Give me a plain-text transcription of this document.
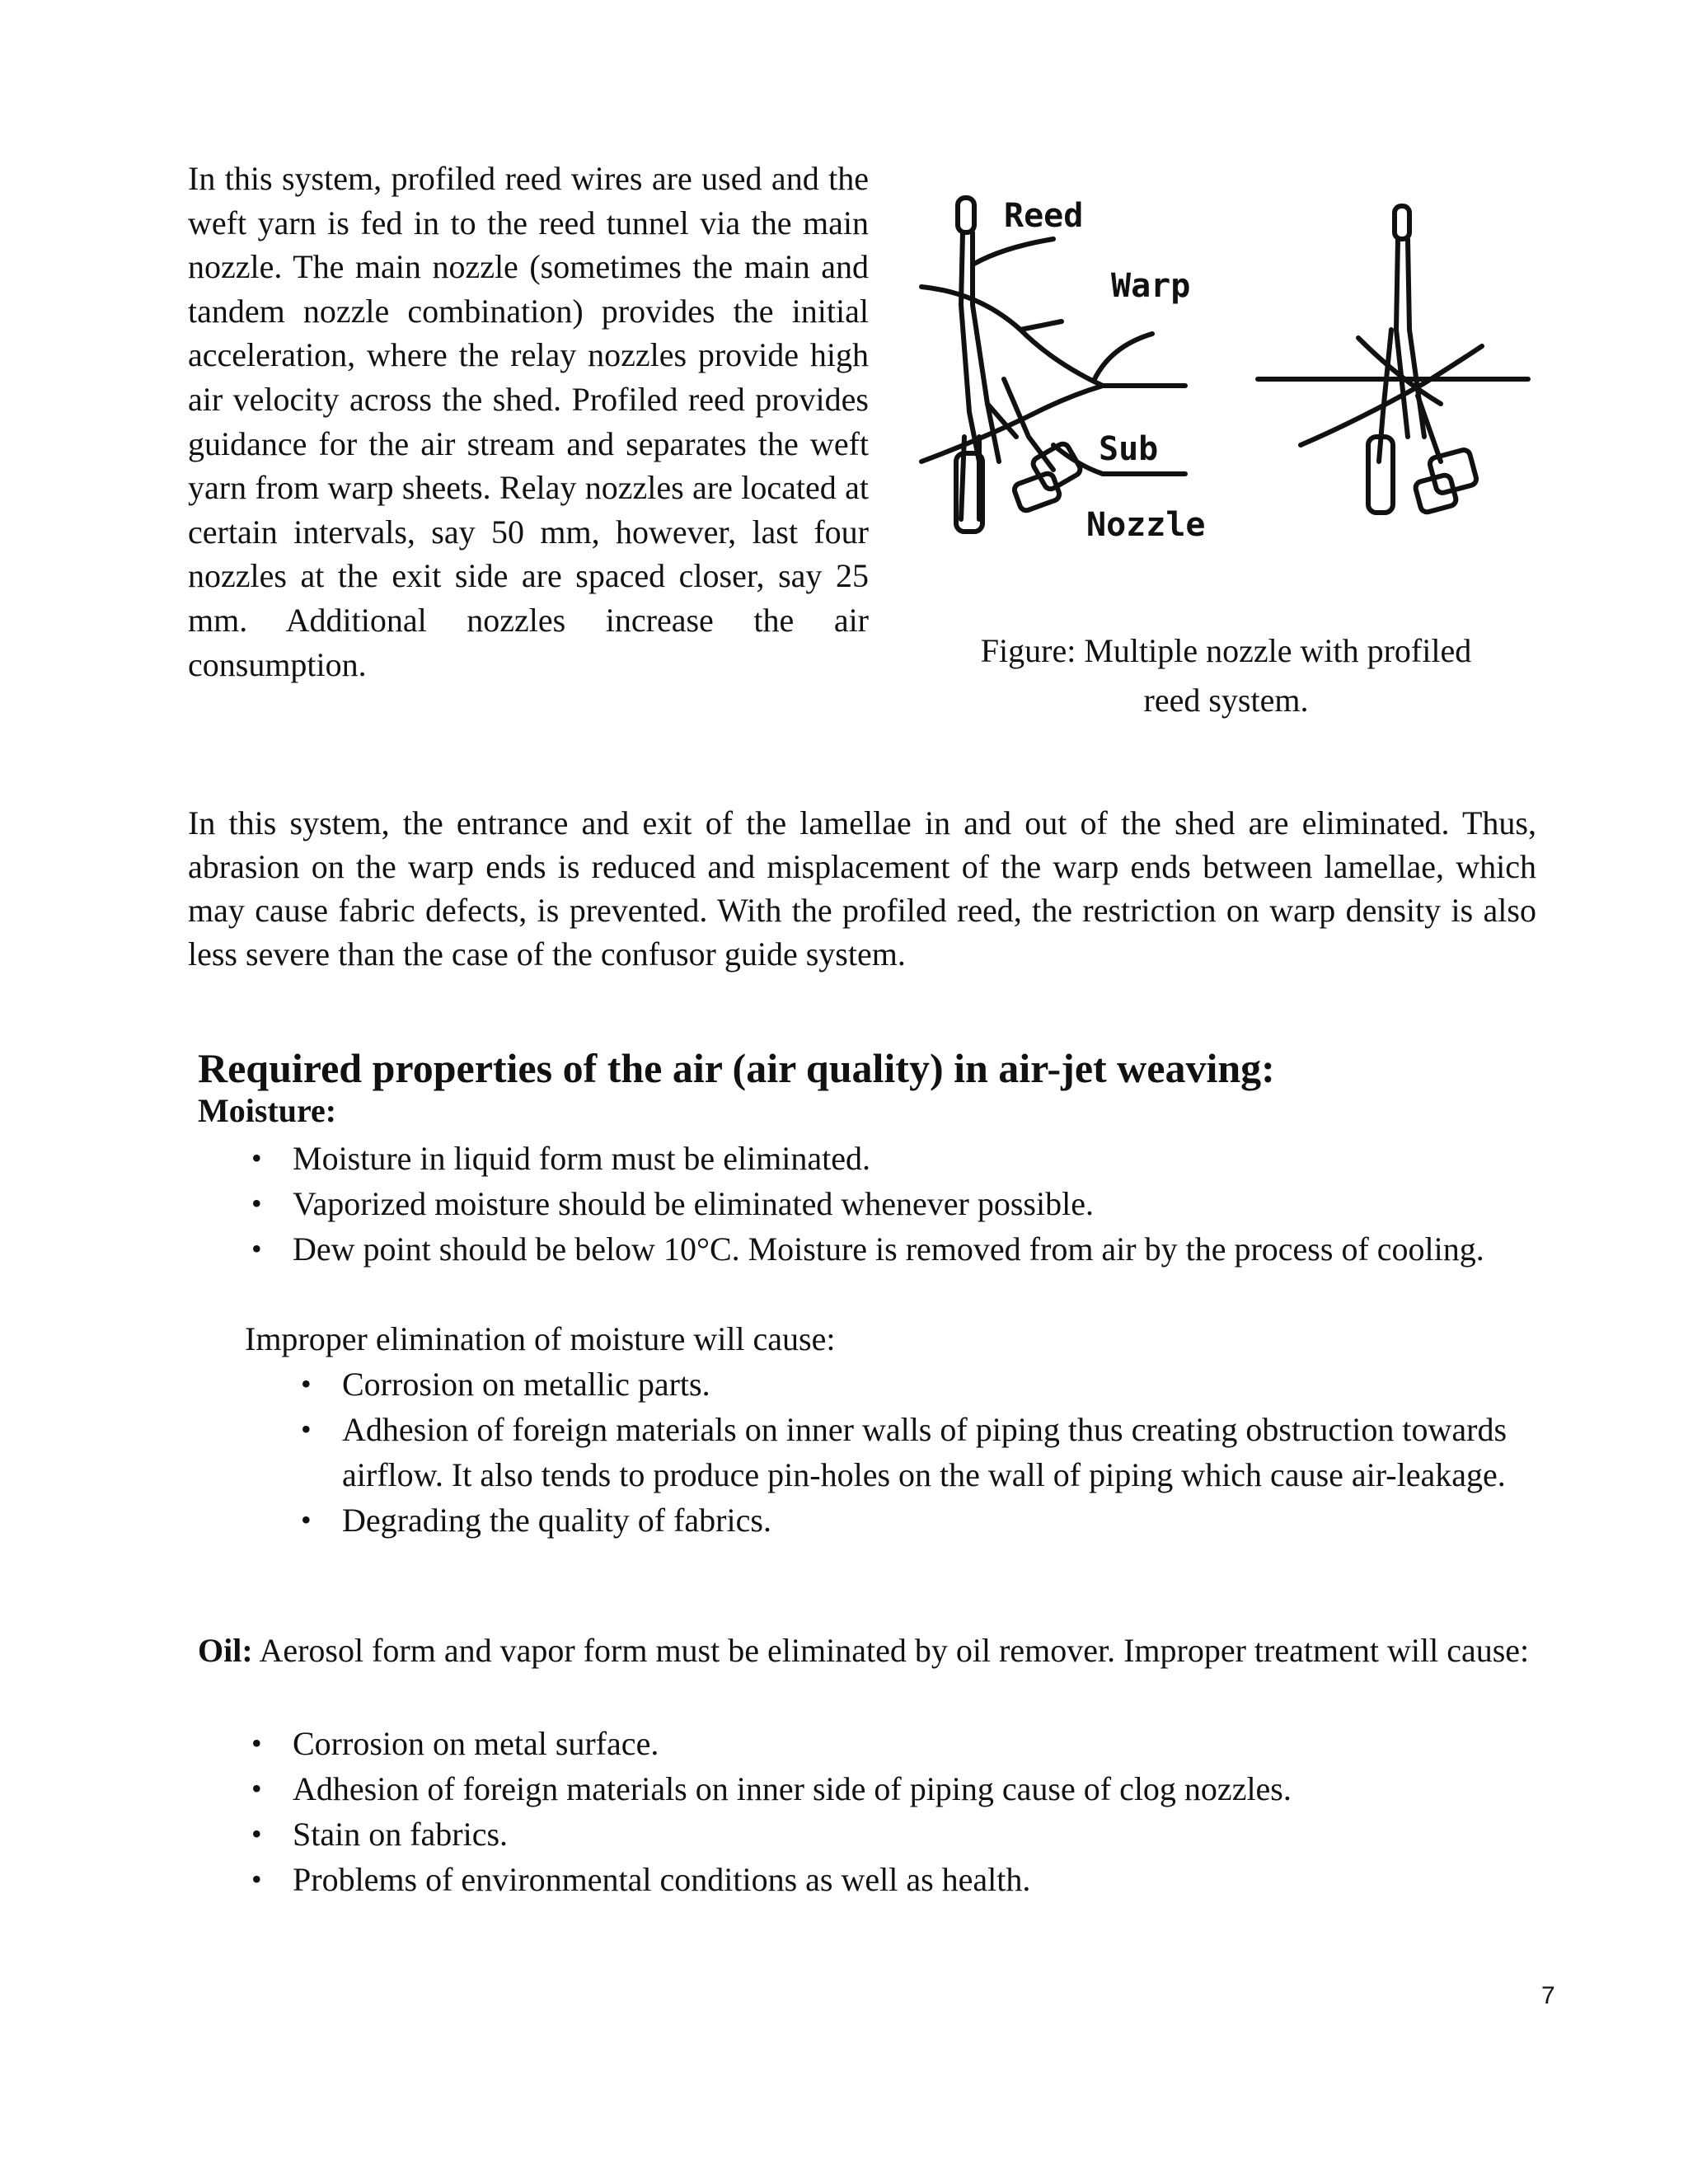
In this system, profiled reed wires are used and the weft yarn is fed in to the reed tunnel via the main nozzle. The main nozzle (sometimes the main and tandem nozzle combination) provides the initial acceleration, where the relay nozzles provide high air velocity across the shed. Profiled reed provides guidance for the air stream and separates the weft yarn from warp sheets. Relay nozzles are located at certain intervals, say 50 mm, however, last four nozzles at the exit side are spaced closer, say 25 mm. Additional nozzles increase the air consumption.

Reed
Warp
Sub
Nozzle
Figure: Multiple nozzle with profiled
reed system.

In this system, the entrance and exit of the lamellae in and out of the shed are eliminated. Thus, abrasion on the warp ends is reduced and misplacement of the warp ends between lamellae, which may cause fabric defects, is prevented. With the profiled reed, the restriction on warp density is also less severe than the case of the confusor guide system.

Required properties of the air (air quality) in air-jet weaving:

Moisture:

• Moisture in liquid form must be eliminated.
• Vaporized moisture should be eliminated whenever possible.
• Dew point should be below 10°C. Moisture is removed from air by the process of cooling.

Improper elimination of moisture will cause:

• Corrosion on metallic parts.
• Adhesion of foreign materials on inner walls of piping thus creating obstruction towards airflow. It also tends to produce pin-holes on the wall of piping which cause air-leakage.
• Degrading the quality of fabrics.

Oil: Aerosol form and vapor form must be eliminated by oil remover. Improper treatment will cause:

• Corrosion on metal surface.
• Adhesion of foreign materials on inner side of piping cause of clog nozzles.
• Stain on fabrics.
• Problems of environmental conditions as well as health.

7
